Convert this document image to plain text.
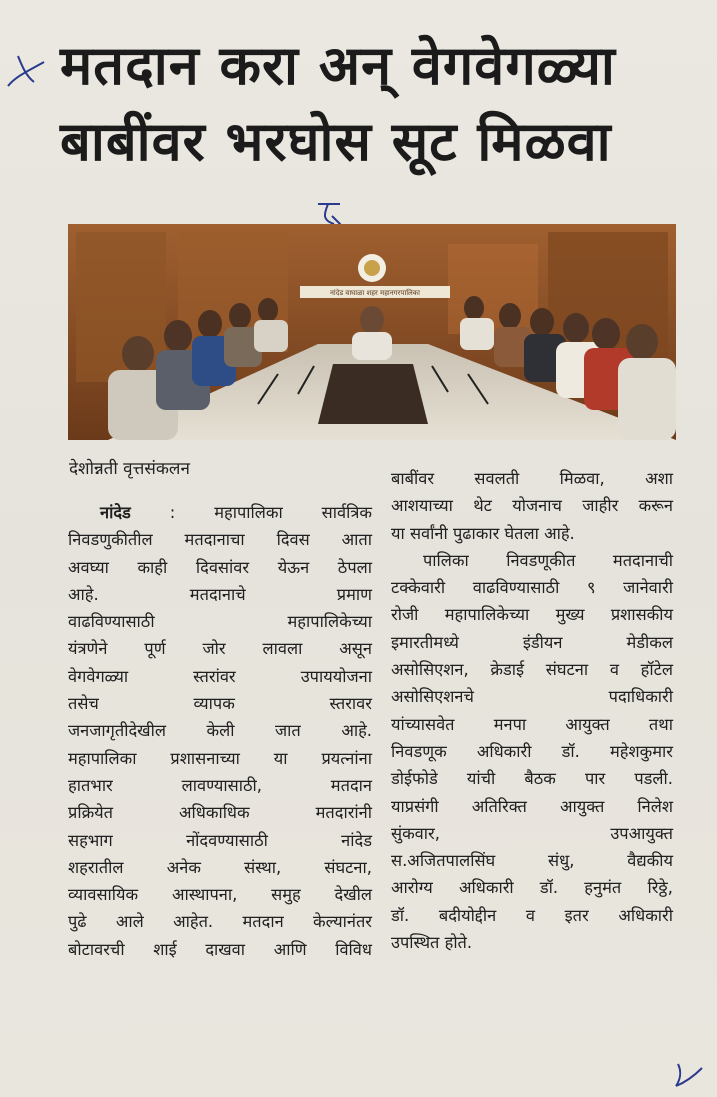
मतदान करा अन् वेगवेगळ्या
बाबींवर भरघोस सूट मिळवा
नांदेड वाघाळा शहर महानगरपालिका
देशोन्नती वृत्तसंकलन
नांदेड : महापालिका सार्वत्रिक
निवडणुकीतील मतदानाचा दिवस आता
अवघ्या काही दिवसांवर येऊन ठेपला
आहे. मतदानाचे प्रमाण
वाढविण्यासाठी महापालिकेच्या
यंत्रणेने पूर्ण जोर लावला असून
वेगवेगळ्या स्तरांवर उपाययोजना
तसेच व्यापक स्तरावर
जनजागृतीदेखील केली जात आहे.
महापालिका प्रशासनाच्या या प्रयत्नांना
हातभार लावण्यासाठी, मतदान
प्रक्रियेत अधिकाधिक मतदारांनी
सहभाग नोंदवण्यासाठी नांदेड
शहरातील अनेक संस्था, संघटना,
व्यावसायिक आस्थापना, समुह देखील
पुढे आले आहेत. मतदान केल्यानंतर
बोटावरची शाई दाखवा आणि विविध
बाबींवर सवलती मिळवा, अशा
आशयाच्या थेट योजनाच जाहीर करून
या सर्वांनी पुढाकार घेतला आहे.
पालिका निवडणूकीत मतदानाची
टक्केवारी वाढविण्यासाठी ९ जानेवारी
रोजी महापालिकेच्या मुख्य प्रशासकीय
इमारतीमध्ये इंडीयन मेडीकल
असोसिएशन, क्रेडाई संघटना व हॉटेल
असोसिएशनचे पदाधिकारी
यांच्यासवेत मनपा आयुक्त तथा
निवडणूक अधिकारी डॉ. महेशकुमार
डोईफोडे यांची बैठक पार पडली.
याप्रसंगी अतिरिक्त आयुक्त निलेश
सुंकवार, उपआयुक्त
स.अजितपालसिंघ संधु, वैद्यकीय
आरोग्य अधिकारी डॉ. हनुमंत रिठ्ठे,
डॉ. बदीयोद्दीन व इतर अधिकारी
उपस्थित होते.
